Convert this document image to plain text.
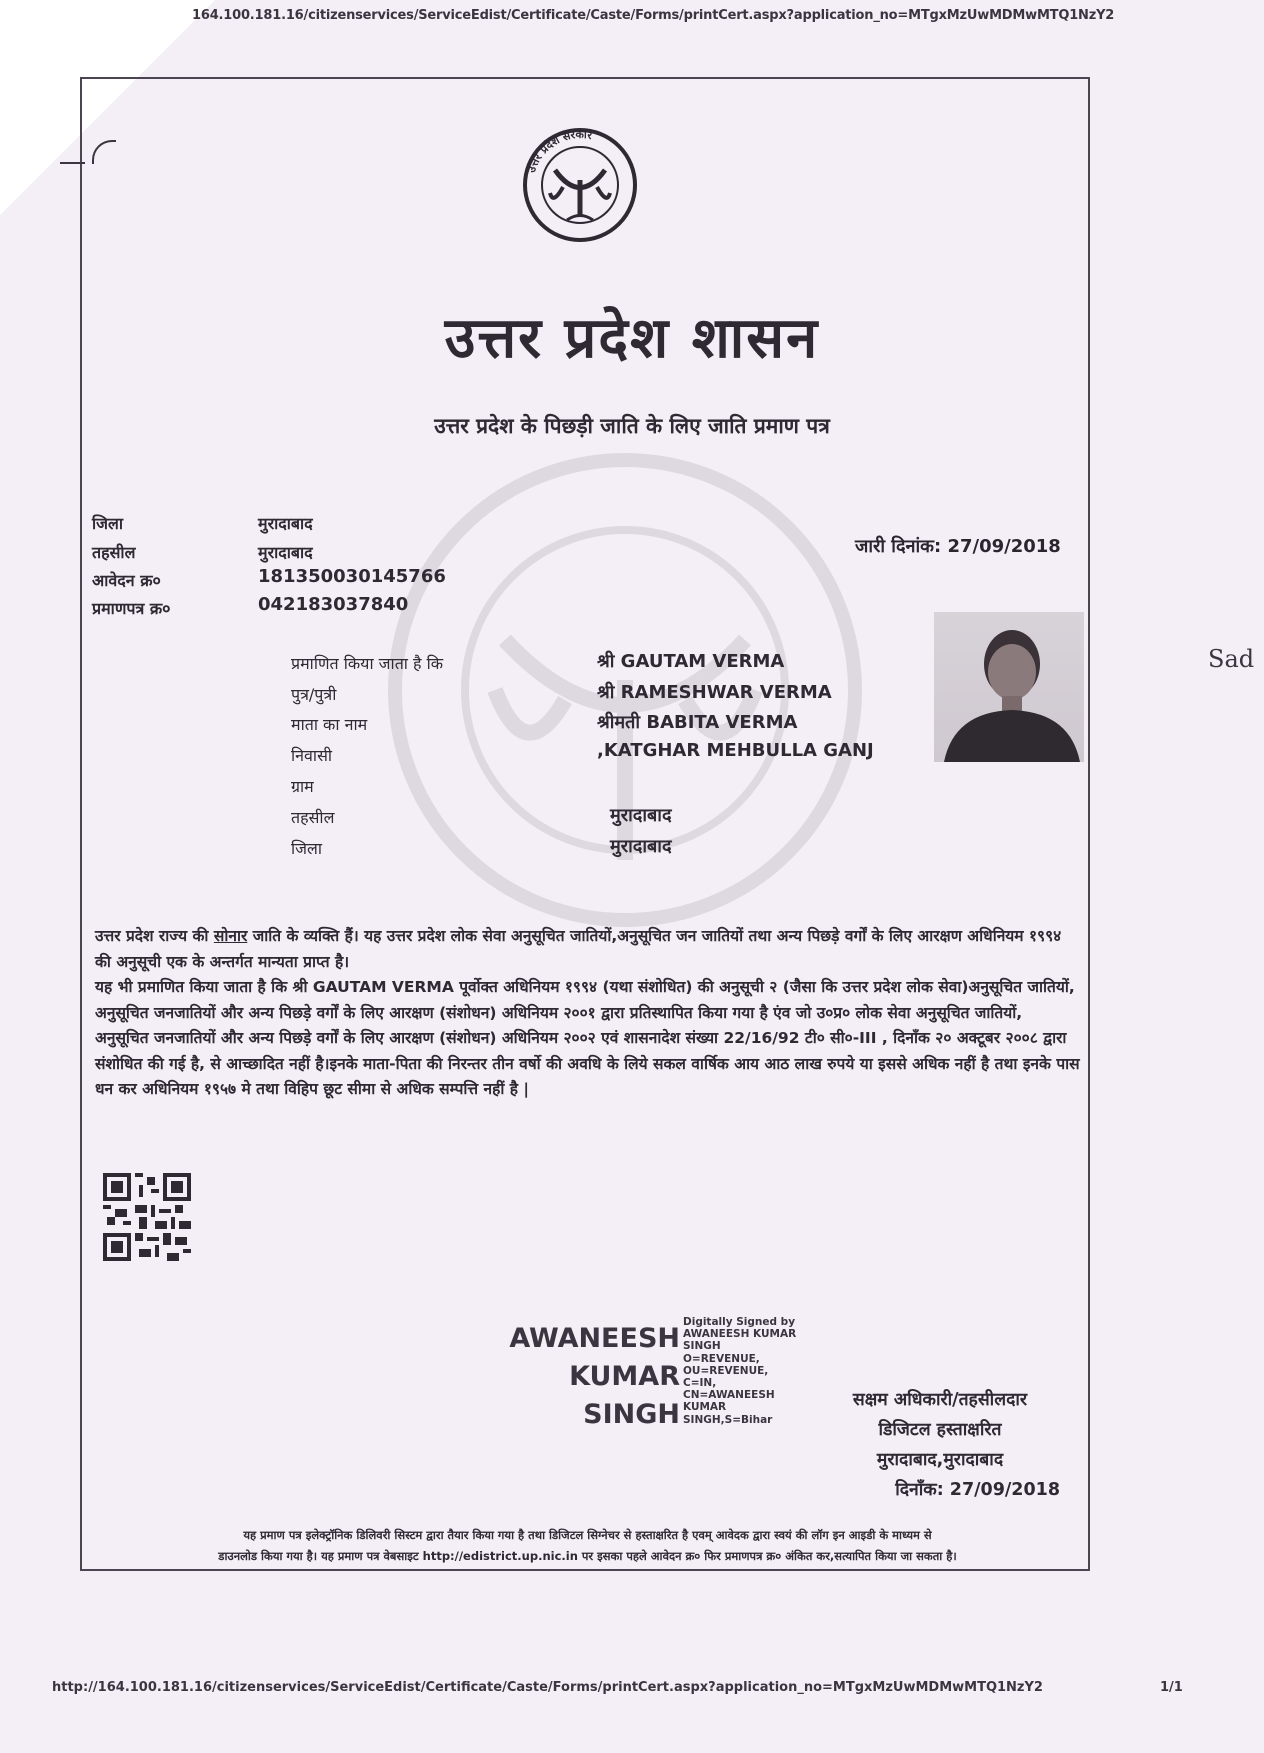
164.100.181.16/citizenservices/ServiceEdist/Certificate/Caste/Forms/printCert.aspx?application_no=MTgxMzUwMDMwMTQ1NzY2
Sad
उत्तर प्रदेश सरकार
उत्तर प्रदेश शासन
उत्तर प्रदेश के पिछड़ी जाति के लिए जाति प्रमाण पत्र
जिला	मुरादाबाद
तहसील	मुरादाबाद
आवेदन क्र०	181350030145766
प्रमाणपत्र क्र०	042183037840
जारी दिनांक: 27/09/2018
प्रमाणित किया जाता है कि	श्री GAUTAM VERMA
पुत्र/पुत्री	श्री RAMESHWAR VERMA
माता का नाम	श्रीमती BABITA VERMA
निवासी	,KATGHAR MEHBULLA GANJ
ग्राम
तहसील	मुरादाबाद
जिला	मुरादाबाद

उत्तर प्रदेश राज्य की सोनार जाति के व्यक्ति हैं। यह उत्तर प्रदेश लोक सेवा अनुसूचित जातियों,अनुसूचित जन जातियों तथा अन्य पिछड़े वर्गों के लिए आरक्षण अधिनियम १९९४ की अनुसूची एक के अन्तर्गत मान्यता प्राप्त है।

यह भी प्रमाणित किया जाता है कि श्री GAUTAM VERMA पूर्वोक्त अधिनियम १९९४ (यथा संशोधित) की अनुसूची २ (जैसा कि उत्तर प्रदेश लोक सेवा)अनुसूचित जातियों, अनुसूचित जनजातियों और अन्य पिछड़े वर्गों के लिए आरक्षण (संशोधन) अधिनियम २००१ द्वारा प्रतिस्थापित किया गया है एंव जो उ०प्र० लोक सेवा अनुसूचित जातियों, अनुसूचित जनजातियों और अन्य पिछड़े वर्गों के लिए आरक्षण (संशोधन) अधिनियम २००२ एवं शासनादेश संख्या 22/16/92 टी० सी०-III , दिनाँक २० अक्टूबर २००८ द्वारा संशोधित की गई है, से आच्छादित नहीं है।इनके माता-पिता की निरन्तर तीन वर्षो की अवधि के लिये सकल वार्षिक आय आठ लाख रुपये या इससे अधिक नहीं है तथा इनके पास धन कर अधिनियम १९५७ मे तथा विहिप छूट सीमा से अधिक सम्पत्ति नहीं है |

AWANEESH
KUMAR
SINGH
Digitally Signed by
AWANEESH KUMAR
SINGH
O=REVENUE,
OU=REVENUE,
C=IN,
CN=AWANEESH
KUMAR
SINGH,S=Bihar
सक्षम अधिकारी/तहसीलदार
डिजिटल हस्ताक्षरित
मुरादाबाद,मुरादाबाद
दिनाँक: 27/09/2018
यह प्रमाण पत्र इलेक्ट्रॉनिक डिलिवरी सिस्टम द्वारा तैयार किया गया है तथा डिजिटल सिग्नेचर से हस्ताक्षरित है एवम् आवेदक द्वारा स्वयं की लॉग इन आइडी के माध्यम से
डाउनलोड किया गया है। यह प्रमाण पत्र वेबसाइट http://edistrict.up.nic.in पर इसका पहले आवेदन क्र० फिर प्रमाणपत्र क्र० अंकित कर,सत्यापित किया जा सकता है।
http://164.100.181.16/citizenservices/ServiceEdist/Certificate/Caste/Forms/printCert.aspx?application_no=MTgxMzUwMDMwMTQ1NzY2	1/1
